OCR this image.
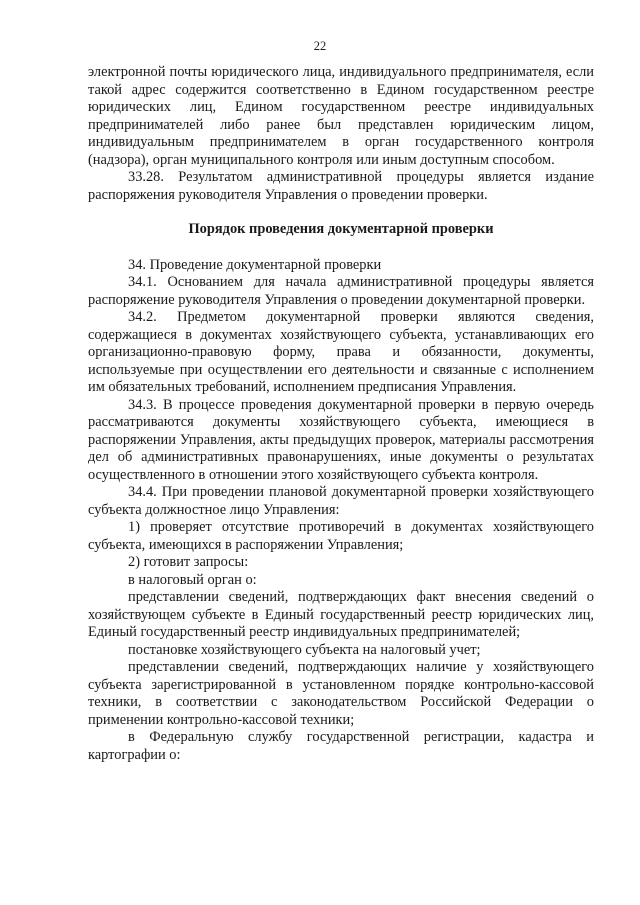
22

электронной почты юридического лица, индивидуального предпринимателя, если такой адрес содержится соответственно в Едином государственном реестре юридических лиц, Едином государственном реестре индивидуальных предпринимателей либо ранее был представлен юридическим лицом, индивидуальным предпринимателем в орган государственного контроля (надзора), орган муниципального контроля или иным доступным способом.

33.28. Результатом административной процедуры является издание распоряжения руководителя Управления о проведении проверки.

Порядок проведения документарной проверки

34. Проведение документарной проверки

34.1. Основанием для начала административной процедуры является распоряжение руководителя Управления о проведении документарной проверки.

34.2. Предметом документарной проверки являются сведения, содержащиеся в документах хозяйствующего субъекта, устанавливающих его организационно-правовую форму, права и обязанности, документы, используемые при осуществлении его деятельности и связанные с исполнением им обязательных требований, исполнением предписания Управления.

34.3. В процессе проведения документарной проверки в первую очередь рассматриваются документы хозяйствующего субъекта, имеющиеся в распоряжении Управления, акты предыдущих проверок, материалы рассмотрения дел об административных правонарушениях, иные документы о результатах осуществленного в отношении этого хозяйствующего субъекта контроля.

34.4. При проведении плановой документарной проверки хозяйствующего субъекта должностное лицо Управления:

1) проверяет отсутствие противоречий в документах хозяйствующего субъекта, имеющихся в распоряжении Управления;

2) готовит запросы:

в налоговый орган о:

представлении сведений, подтверждающих факт внесения сведений о хозяйствующем субъекте в Единый государственный реестр юридических лиц, Единый государственный реестр индивидуальных предпринимателей;

постановке хозяйствующего субъекта на налоговый учет;

представлении сведений, подтверждающих наличие у хозяйствующего субъекта зарегистрированной в установленном порядке контрольно-кассовой техники, в соответствии с законодательством Российской Федерации о применении контрольно-кассовой техники;

в Федеральную службу государственной регистрации, кадастра и картографии о:
